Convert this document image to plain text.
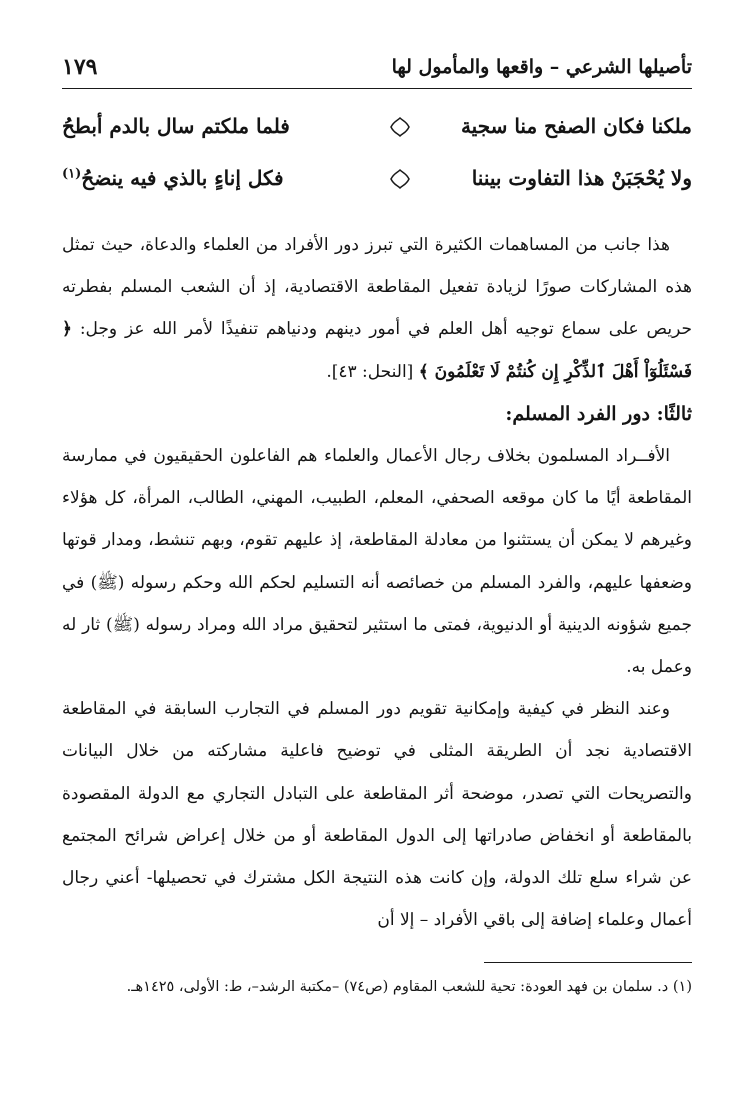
تأصيلها الشرعي – واقعها والمأمول لها
١٧٩
ملكنا فكان الصفح منا سجية
فلما ملكتم سال بالدم أبطحُ
ولا يُحْجَبَنْ هذا التفاوت بيننا
فكل إناءٍ بالذي فيه ينضحُ$^{(١)}$

هذا جانب من المساهمات الكثيرة التي تبرز دور الأفراد من العلماء والدعاة، حيث تمثل هذه المشاركات صورًا لزيادة تفعيل المقاطعة الاقتصادية، إذ أن الشعب المسلم بفطرته حريص على سماع توجيه أهل العلم في أمور دينهم ودنياهم تنفيذًا لأمر الله عز وجل: ﴿ فَسْئَلُوٓاْ أَهْلَ ٱلذِّكْرِ إِن كُنتُمْ لَا تَعْلَمُونَ ﴾ [النحل: ٤٣].

ثالثًا: دور الفرد المسلم:

الأفــراد المسلمون بخلاف رجال الأعمال والعلماء هم الفاعلون الحقيقيون في ممارسة المقاطعة أيًا ما كان موقعه الصحفي، المعلم، الطبيب، المهني، الطالب، المرأة، كل هؤلاء وغيرهم لا يمكن أن يستثنوا من معادلة المقاطعة، إذ عليهم تقوم، وبهم تنشط، ومدار قوتها وضعفها عليهم، والفرد المسلم من خصائصه أنه التسليم لحكم الله وحكم رسوله (ﷺ) في جميع شؤونه الدينية أو الدنيوية، فمتى ما استثير لتحقيق مراد الله ومراد رسوله (ﷺ) ثار له وعمل به.

وعند النظر في كيفية وإمكانية تقويم دور المسلم في التجارب السابقة في المقاطعة الاقتصادية نجد أن الطريقة المثلى في توضيح فاعلية مشاركته من خلال البيانات والتصريحات التي تصدر، موضحة أثر المقاطعة على التبادل التجاري مع الدولة المقصودة بالمقاطعة أو انخفاض صادراتها إلى الدول المقاطعة أو من خلال إعراض شرائح المجتمع عن شراء سلع تلك الدولة، وإن كانت هذه النتيجة الكل مشترك في تحصيلها- أعني رجال أعمال وعلماء إضافة إلى باقي الأفراد – إلا أن

(١) د. سلمان بن فهد العودة: تحية للشعب المقاوم (ص٧٤) –مكتبة الرشد–، ط: الأولى، ١٤٢٥هـ.
